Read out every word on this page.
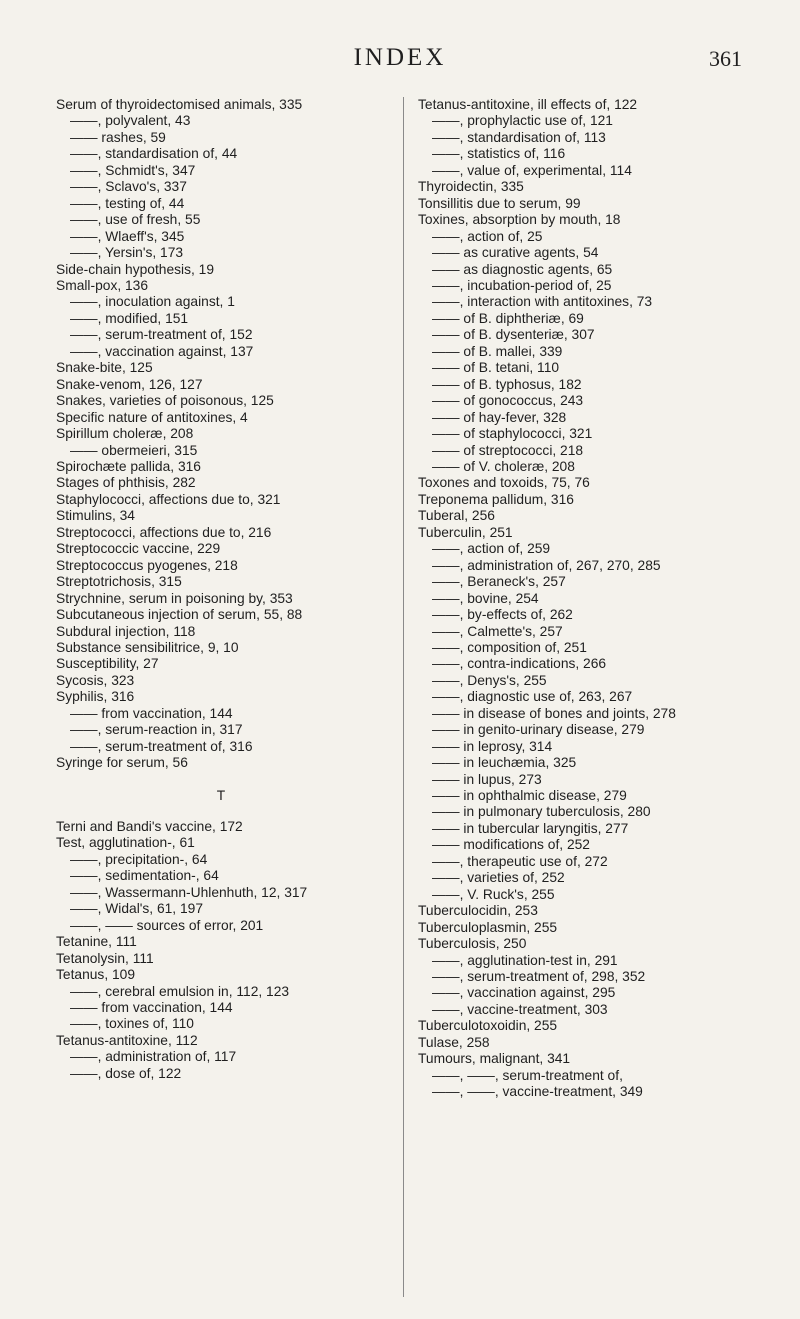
INDEX	361
Serum of thyroidectomised animals, 335
——, polyvalent, 43
—— rashes, 59
——, standardisation of, 44
——, Schmidt's, 347
——, Sclavo's, 337
——, testing of, 44
——, use of fresh, 55
——, Wlaeff's, 345
——, Yersin's, 173
Side-chain hypothesis, 19
Small-pox, 136
——, inoculation against, 1
——, modified, 151
——, serum-treatment of, 152
——, vaccination against, 137
Snake-bite, 125
Snake-venom, 126, 127
Snakes, varieties of poisonous, 125
Specific nature of antitoxines, 4
Spirillum choleræ, 208
—— obermeieri, 315
Spirochæte pallida, 316
Stages of phthisis, 282
Staphylococci, affections due to, 321
Stimulins, 34
Streptococci, affections due to, 216
Streptococcic vaccine, 229
Streptococcus pyogenes, 218
Streptotrichosis, 315
Strychnine, serum in poisoning by, 353
Subcutaneous injection of serum, 55, 88
Subdural injection, 118
Substance sensibilitrice, 9, 10
Susceptibility, 27
Sycosis, 323
Syphilis, 316
—— from vaccination, 144
——, serum-reaction in, 317
——, serum-treatment of, 316
Syringe for serum, 56
T
Terni and Bandi's vaccine, 172
Test, agglutination-, 61
——, precipitation-, 64
——, sedimentation-, 64
——, Wassermann-Uhlenhuth, 12, 317
——, Widal's, 61, 197
——, —— sources of error, 201
Tetanine, 111
Tetanolysin, 111
Tetanus, 109
——, cerebral emulsion in, 112, 123
—— from vaccination, 144
——, toxines of, 110
Tetanus-antitoxine, 112
——, administration of, 117
——, dose of, 122
Tetanus-antitoxine, ill effects of, 122
——, prophylactic use of, 121
——, standardisation of, 113
——, statistics of, 116
——, value of, experimental, 114
Thyroidectin, 335
Tonsillitis due to serum, 99
Toxines, absorption by mouth, 18
——, action of, 25
—— as curative agents, 54
—— as diagnostic agents, 65
——, incubation-period of, 25
——, interaction with antitoxines, 73
—— of B. diphtheriæ, 69
—— of B. dysenteriæ, 307
—— of B. mallei, 339
—— of B. tetani, 110
—— of B. typhosus, 182
—— of gonococcus, 243
—— of hay-fever, 328
—— of staphylococci, 321
—— of streptococci, 218
—— of V. choleræ, 208
Toxones and toxoids, 75, 76
Treponema pallidum, 316
Tuberal, 256
Tuberculin, 251
——, action of, 259
——, administration of, 267, 270, 285
——, Beraneck's, 257
——, bovine, 254
——, by-effects of, 262
——, Calmette's, 257
——, composition of, 251
——, contra-indications, 266
——, Denys's, 255
——, diagnostic use of, 263, 267
—— in disease of bones and joints, 278
—— in genito-urinary disease, 279
—— in leprosy, 314
—— in leuchæmia, 325
—— in lupus, 273
—— in ophthalmic disease, 279
—— in pulmonary tuberculosis, 280
—— in tubercular laryngitis, 277
—— modifications of, 252
——, therapeutic use of, 272
——, varieties of, 252
——, V. Ruck's, 255
Tuberculocidin, 253
Tuberculoplasmin, 255
Tuberculosis, 250
——, agglutination-test in, 291
——, serum-treatment of, 298, 352
——, vaccination against, 295
——, vaccine-treatment, 303
Tuberculotoxoidin, 255
Tulase, 258
Tumours, malignant, 341
——, ——, serum-treatment of,
——, ——, vaccine-treatment, 349
